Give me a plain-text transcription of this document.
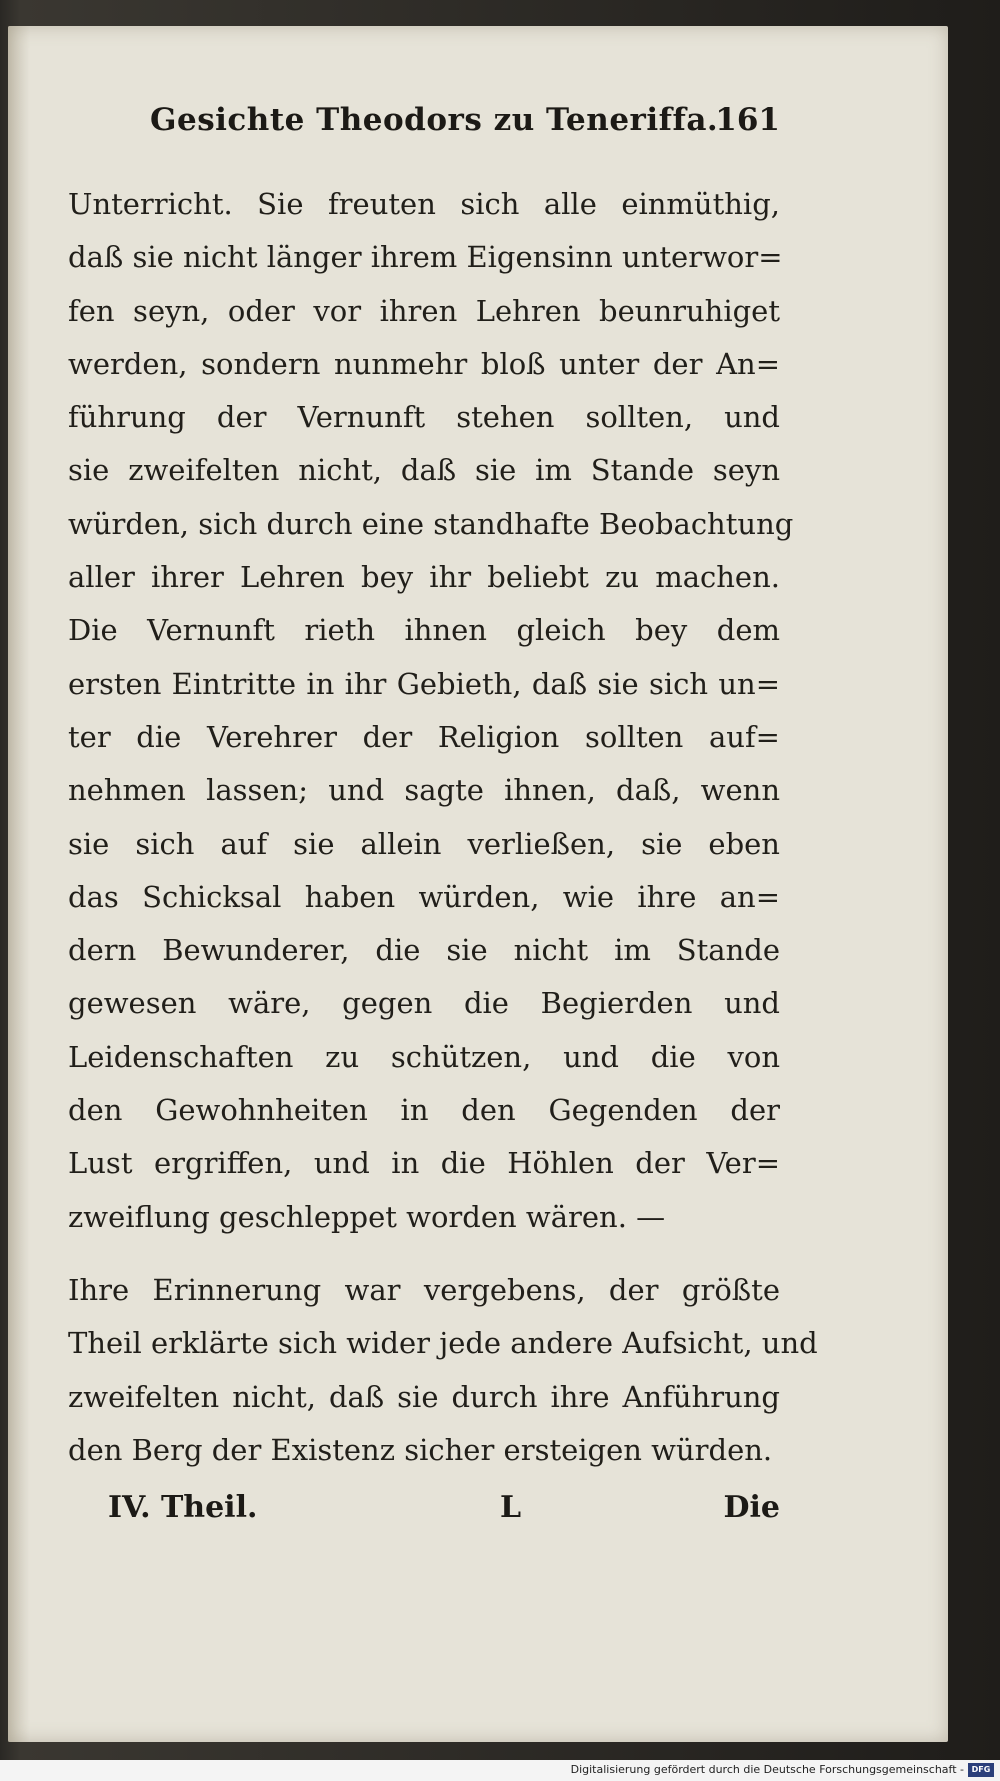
Gesichte Theodors zu Teneriffa.
161
Unterricht. Sie freuten sich alle einmüthig,
daß sie nicht länger ihrem Eigensinn unterwor=
fen seyn, oder vor ihren Lehren beunruhiget
werden, sondern nunmehr bloß unter der An=
führung der Vernunft stehen sollten, und
sie zweifelten nicht, daß sie im Stande seyn
würden, sich durch eine standhafte Beobachtung
aller ihrer Lehren bey ihr beliebt zu machen.
Die Vernunft rieth ihnen gleich bey dem
ersten Eintritte in ihr Gebieth, daß sie sich un=
ter die Verehrer der Religion sollten auf=
nehmen lassen; und sagte ihnen, daß, wenn
sie sich auf sie allein verließen, sie eben
das Schicksal haben würden, wie ihre an=
dern Bewunderer, die sie nicht im Stande
gewesen wäre, gegen die Begierden und
Leidenschaften zu schützen, und die von
den Gewohnheiten in den Gegenden der
Lust ergriffen, und in die Höhlen der Ver=
zweiflung geschleppet worden wären. —
Ihre Erinnerung war vergebens, der größte
Theil erklärte sich wider jede andere Aufsicht, und
zweifelten nicht, daß sie durch ihre Anführung
den Berg der Existenz sicher ersteigen würden.
IV. Theil.	L	Die
Digitalisierung gefördert durch die Deutsche Forschungsgemeinschaft - DFG
